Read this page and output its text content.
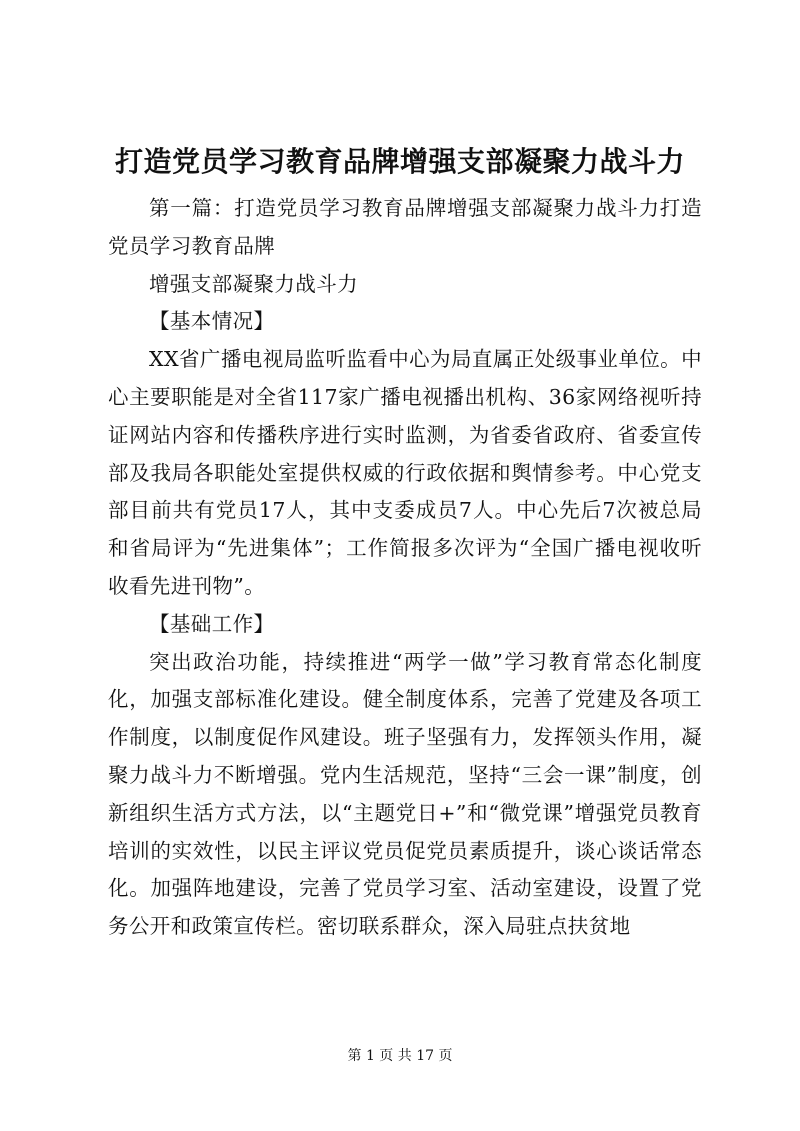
打造党员学习教育品牌增强支部凝聚力战斗力

第一篇：打造党员学习教育品牌增强支部凝聚力战斗力打造党员学习教育品牌

增强支部凝聚力战斗力

【基本情况】

XX省广播电视局监听监看中心为局直属正处级事业单位。中心主要职能是对全省117家广播电视播出机构、36家网络视听持证网站内容和传播秩序进行实时监测，为省委省政府、省委宣传部及我局各职能处室提供权威的行政依据和舆情参考。中心党支部目前共有党员17人，其中支委成员7人。中心先后7次被总局和省局评为“先进集体”；工作简报多次评为“全国广播电视收听收看先进刊物”。

【基础工作】

突出政治功能，持续推进“两学一做”学习教育常态化制度化，加强支部标准化建设。健全制度体系，完善了党建及各项工作制度，以制度促作风建设。班子坚强有力，发挥领头作用，凝聚力战斗力不断增强。党内生活规范，坚持“三会一课”制度，创新组织生活方式方法，以“主题党日+”和“微党课”增强党员教育培训的实效性，以民主评议党员促党员素质提升，谈心谈话常态化。加强阵地建设，完善了党员学习室、活动室建设，设置了党务公开和政策宣传栏。密切联系群众，深入局驻点扶贫地

第 1 页 共 17 页
